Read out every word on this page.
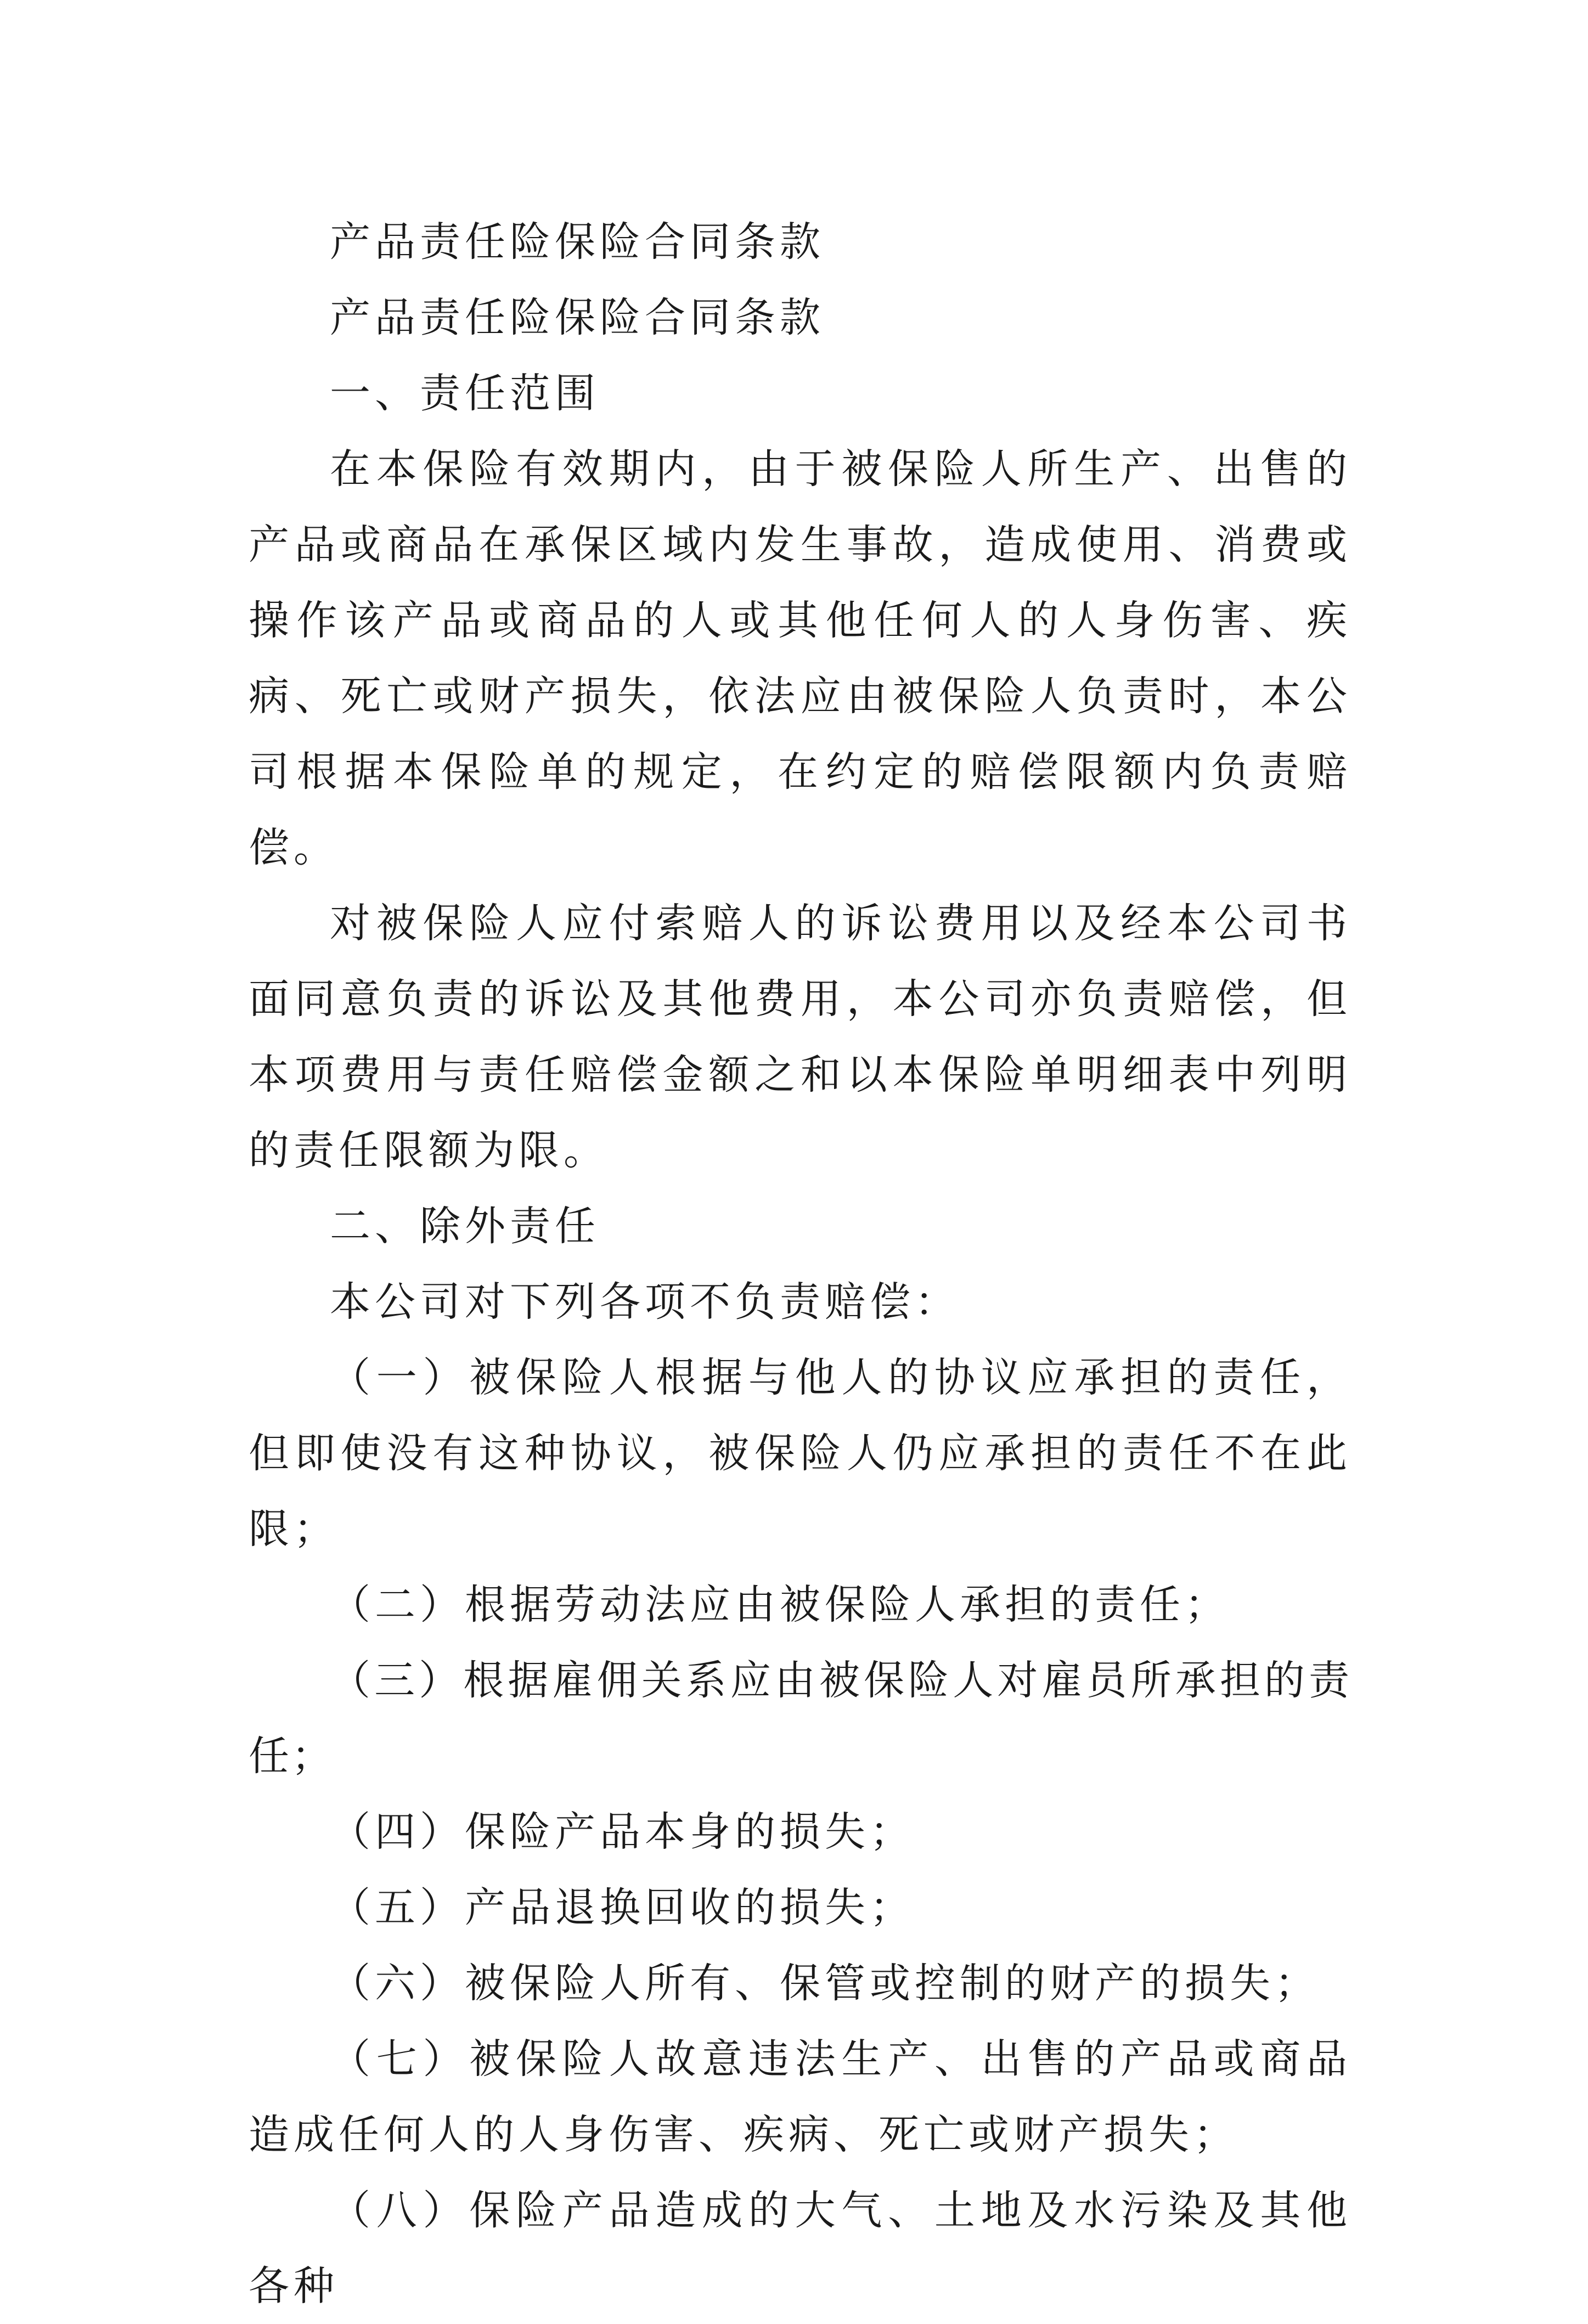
产品责任险保险合同条款

产品责任险保险合同条款

一、责任范围

在本保险有效期内，由于被保险人所生产、出售的产品或商品在承保区域内发生事故，造成使用、消费或操作该产品或商品的人或其他任何人的人身伤害、疾病、死亡或财产损失，依法应由被保险人负责时，本公司根据本保险单的规定，在约定的赔偿限额内负责赔偿。

对被保险人应付索赔人的诉讼费用以及经本公司书面同意负责的诉讼及其他费用，本公司亦负责赔偿，但本项费用与责任赔偿金额之和以本保险单明细表中列明的责任限额为限。

二、除外责任

本公司对下列各项不负责赔偿：

（一）被保险人根据与他人的协议应承担的责任，但即使没有这种协议，被保险人仍应承担的责任不在此限；

（二）根据劳动法应由被保险人承担的责任；

（三）根据雇佣关系应由被保险人对雇员所承担的责任；

（四）保险产品本身的损失；

（五）产品退换回收的损失；

（六）被保险人所有、保管或控制的财产的损失；

（七）被保险人故意违法生产、出售的产品或商品造成任何人的人身伤害、疾病、死亡或财产损失；

（八）保险产品造成的大气、土地及水污染及其他各种
